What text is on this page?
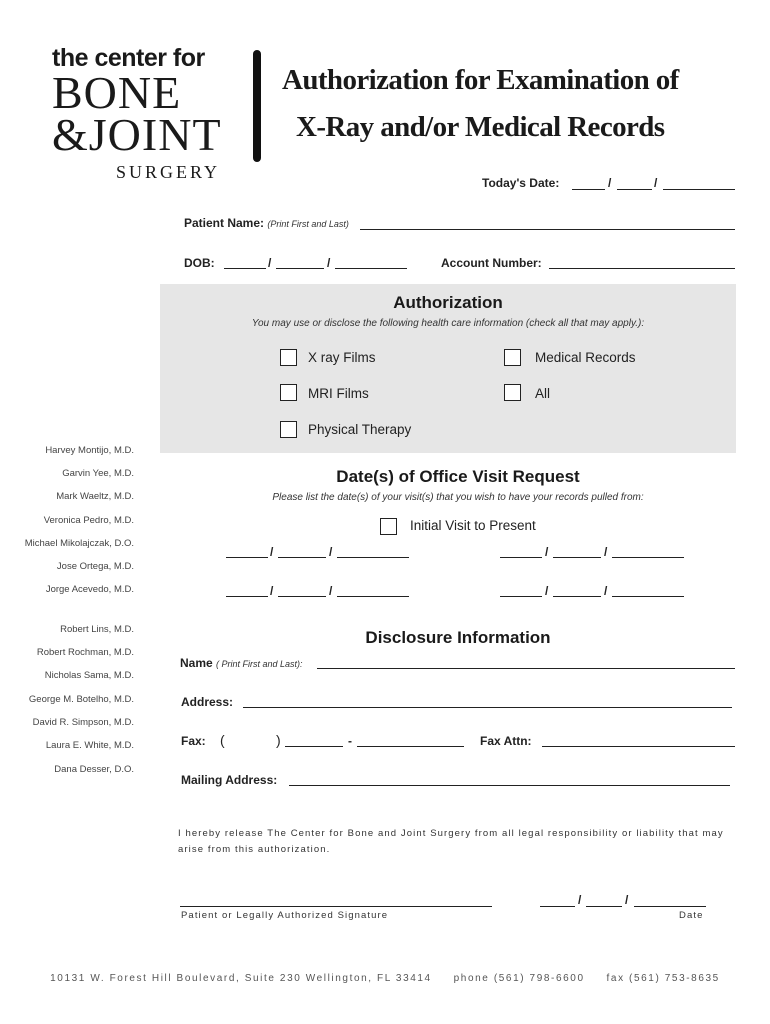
the center for
BONE
&JOINT
SURGERY
Authorization for Examination of
X-Ray and/or Medical Records
Today's Date:	/	/
Patient Name: (Print First and Last)
DOB:	/	/	Account Number:
Authorization
You may use or disclose the following health care information (check all that may apply.):
X ray Films	Medical Records
MRI Films	All
Physical Therapy
Harvey Montijo, M.D.
Garvin Yee, M.D.
Mark Waeltz, M.D.
Veronica Pedro, M.D.
Michael Mikolajczak, D.O.
Jose Ortega, M.D.
Jorge Acevedo, M.D.
Robert Lins, M.D.
Robert Rochman, M.D.
Nicholas Sama, M.D.
George M. Botelho, M.D.
David R. Simpson, M.D.
Laura E. White, M.D.
Dana Desser, D.O.
Date(s) of Office Visit Request
Please list the date(s) of your visit(s) that you wish to have your records pulled from:
Initial Visit to Present
/	/	/	/
/	/	/	/
Disclosure Information
Name ( Print First and Last):
Address:
Fax: (	)	-	Fax Attn:
Mailing Address:
I hereby release The Center for Bone and Joint Surgery from all legal responsibility or liability that may arise from this authorization.
Patient or Legally Authorized Signature
/	/
Date
10131 W. Forest Hill Boulevard, Suite 230 Wellington, FL 33414 phone (561) 798-6600 fax (561) 753-8635
